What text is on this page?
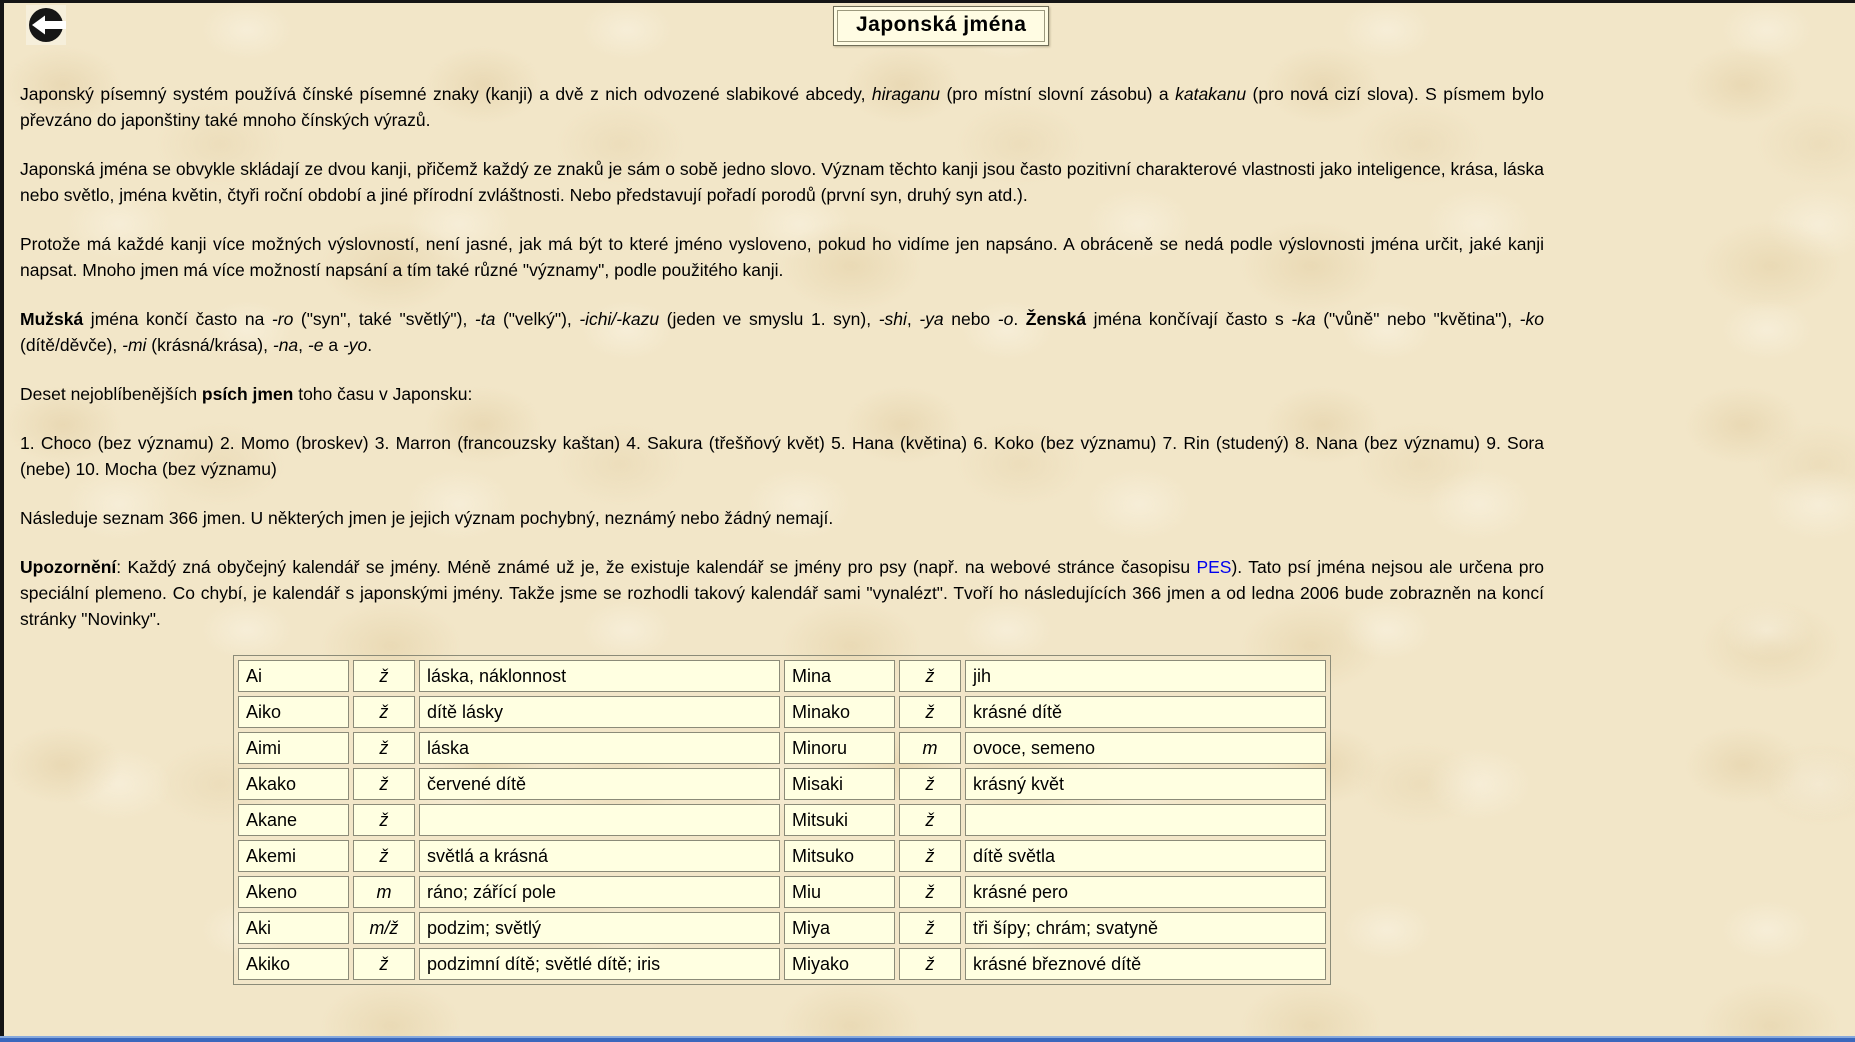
Japonská jména

Japonský písemný systém používá čínské písemné znaky (kanji) a dvě z nich odvozené slabikové abcedy, hiraganu (pro místní slovní zásobu) a katakanu (pro nová cizí slova). S písmem bylo převzáno do japonštiny také mnoho čínských výrazů.

Japonská jména se obvykle skládají ze dvou kanji, přičemž každý ze znaků je sám o sobě jedno slovo. Význam těchto kanji jsou často pozitivní charakterové vlastnosti jako inteligence, krása, láska nebo světlo, jména květin, čtyři roční období a jiné přírodní zvláštnosti. Nebo představují pořadí porodů (první syn, druhý syn atd.).

Protože má každé kanji více možných výslovností, není jasné, jak má být to které jméno vysloveno, pokud ho vidíme jen napsáno. A obráceně se nedá podle výslovnosti jména určit, jaké kanji napsat. Mnoho jmen má více možností napsání a tím také různé "významy", podle použitého kanji.

Mužská jména končí často na -ro ("syn", také "světlý"), -ta ("velký"), -ichi/-kazu (jeden ve smyslu 1. syn), -shi, -ya nebo -o. Ženská jména končívají často s -ka ("vůně" nebo "květina"), -ko (dítě/děvče), -mi (krásná/krása), -na, -e a -yo.

Deset nejoblíbenějších psích jmen toho času v Japonsku:

1. Choco (bez významu) 2. Momo (broskev) 3. Marron (francouzsky kaštan) 4. Sakura (třešňový květ) 5. Hana (květina) 6. Koko (bez významu) 7. Rin (studený) 8. Nana (bez významu) 9. Sora (nebe) 10. Mocha (bez významu)

Následuje seznam 366 jmen. U některých jmen je jejich význam pochybný, neznámý nebo žádný nemají.

Upozornění: Každý zná obyčejný kalendář se jmény. Méně známé už je, že existuje kalendář se jmény pro psy (např. na webové stránce časopisu PES). Tato psí jména nejsou ale určena pro speciální plemeno. Co chybí, je kalendář s japonskými jmény. Takže jsme se rozhodli takový kalendář sami "vynalézt". Tvoří ho následujících 366 jmen a od ledna 2006 bude zobrazněn na koncí stránky "Novinky".

Ai	ž	láska, náklonnost	Mina	ž	jih
Aiko	ž	dítě lásky	Minako	ž	krásné dítě
Aimi	ž	láska	Minoru	m	ovoce, semeno
Akako	ž	červené dítě	Misaki	ž	krásný květ
Akane	ž		Mitsuki	ž	
Akemi	ž	světlá a krásná	Mitsuko	ž	dítě světla
Akeno	m	ráno; zářící pole	Miu	ž	krásné pero
Aki	m/ž	podzim; světlý	Miya	ž	tři šípy; chrám; svatyně
Akiko	ž	podzimní dítě; světlé dítě; iris	Miyako	ž	krásné březnové dítě
